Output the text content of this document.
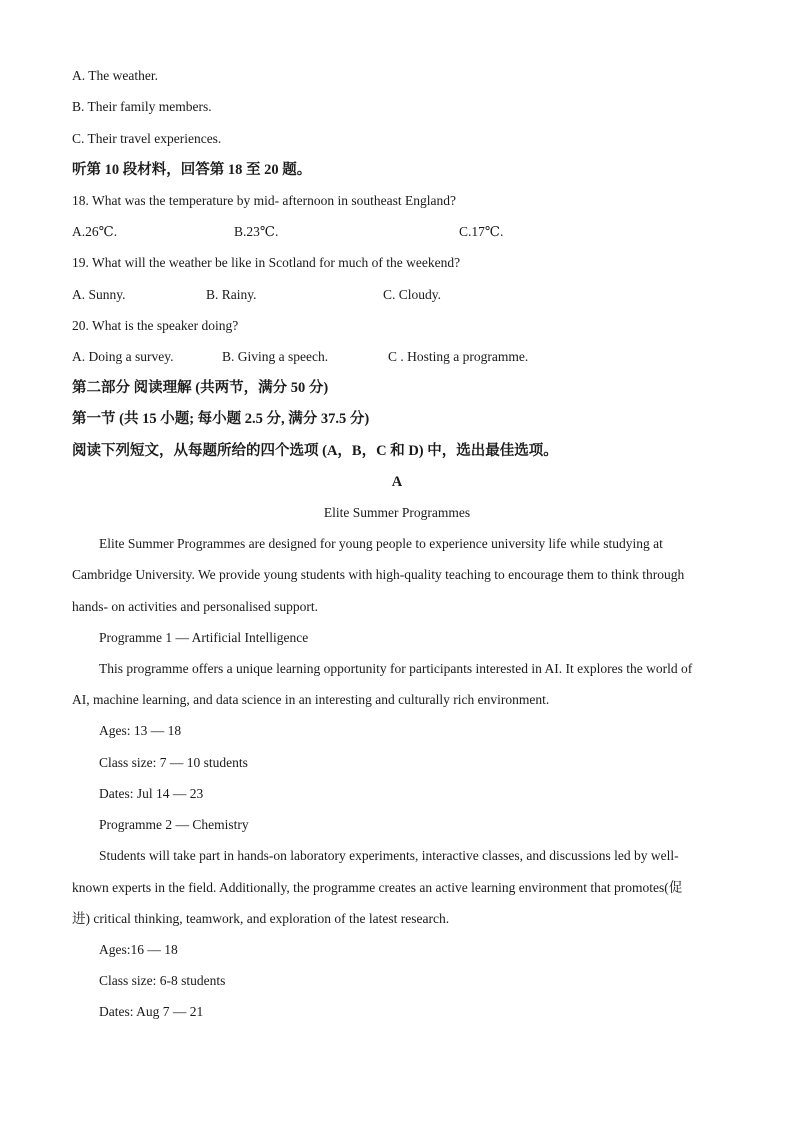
A. The weather.
B. Their family members.
C. Their travel experiences.
听第 10 段材料，回答第 18 至 20 题。
18. What was the temperature by mid- afternoon in southeast England?
A.26℃.	B.23℃.	C.17℃.
19. What will the weather be like in Scotland for much of the weekend?
A. Sunny.	B. Rainy.	C. Cloudy.
20. What is the speaker doing?
A. Doing a survey.	B. Giving a speech.	C . Hosting a programme.
第二部分 阅读理解 (共两节，满分 50 分)
第一节 (共 15 小题; 每小题 2.5 分, 满分 37.5 分)
阅读下列短文，从每题所给的四个选项 (A，B，C 和 D) 中，选出最佳选项。
A
Elite Summer Programmes
Elite Summer Programmes are designed for young people to experience university life while studying at
Cambridge University. We provide young students with high-quality teaching to encourage them to think through
hands- on activities and personalised support.
Programme 1 — Artificial Intelligence
This programme offers a unique learning opportunity for participants interested in AI. It explores the world of
AI, machine learning, and data science in an interesting and culturally rich environment.
Ages: 13 — 18
Class size: 7 — 10 students
Dates: Jul 14 — 23
Programme 2 — Chemistry
Students will take part in hands-on laboratory experiments, interactive classes, and discussions led by well-
known experts in the field. Additionally, the programme creates an active learning environment that promotes(促
进) critical thinking, teamwork, and exploration of the latest research.
Ages:16 — 18
Class size: 6-8 students
Dates: Aug 7 — 21
